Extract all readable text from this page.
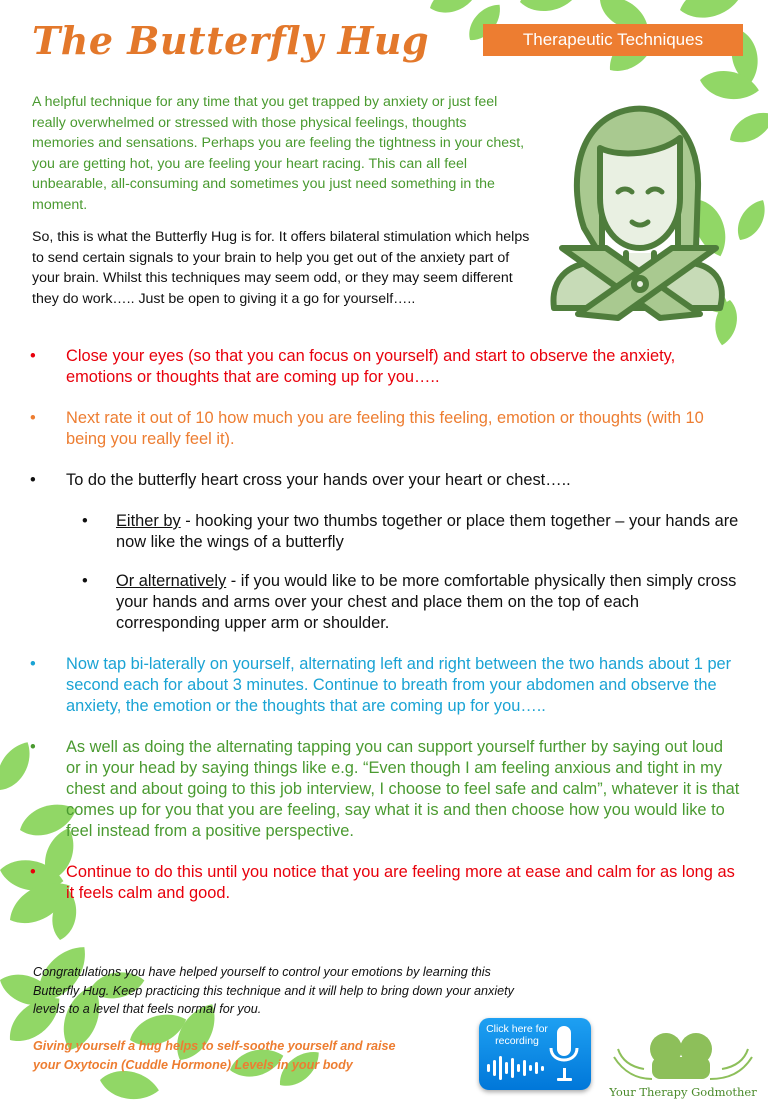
The Butterfly Hug	Therapeutic Techniques

A helpful technique for any time that you get trapped by anxiety or just feel really overwhelmed or stressed with those physical feelings, thoughts memories and sensations. Perhaps you are feeling the tightness in your chest, you are getting hot, you are feeling your heart racing. This can all feel unbearable, all-consuming and sometimes you just need something in the moment.

So, this is what the Butterfly Hug is for. It offers bilateral stimulation which helps to send certain signals to your brain to help you get out of the anxiety part of your brain. Whilst this techniques may seem odd, or they may seem different they do work….. Just be open to giving it a go for yourself…..

•	Close your eyes (so that you can focus on yourself) and start to observe the anxiety, emotions or thoughts that are coming up for you…..
•	Next rate it out of 10 how much you are feeling this feeling, emotion or thoughts (with 10 being you really feel it).
•	To do the butterfly heart cross your hands over your heart or chest…..
•	Either by - hooking your two thumbs together or place them together – your hands are now like the wings of a butterfly
•	Or alternatively - if you would like to be more comfortable physically then simply cross your hands and arms over your chest and place them on the top of each corresponding upper arm or shoulder.
•	Now tap bi-laterally on yourself, alternating left and right between the two hands about 1 per second each for about 3 minutes. Continue to breath from your abdomen and observe the anxiety, the emotion or the thoughts that are coming up for you…..
•	As well as doing the alternating tapping you can support yourself further by saying out loud or in your head by saying things like e.g. “Even though I am feeling anxious and tight in my chest and about going to this job interview, I choose to feel safe and calm”, whatever it is that comes up for you that you are feeling, say what it is and then choose how you would like to feel instead from a positive perspective.
•	Continue to do this until you notice that you are feeling more at ease and calm for as long as it feels calm and good.

Congratulations you have helped yourself to control your emotions by learning this Butterfly Hug. Keep practicing this technique and it will help to bring down your anxiety levels to a level that feels normal for you.

Giving yourself a hug helps to self-soothe yourself and raise your Oxytocin (Cuddle Hormone) Levels in your body

Click here for recording
Your Therapy Godmother
